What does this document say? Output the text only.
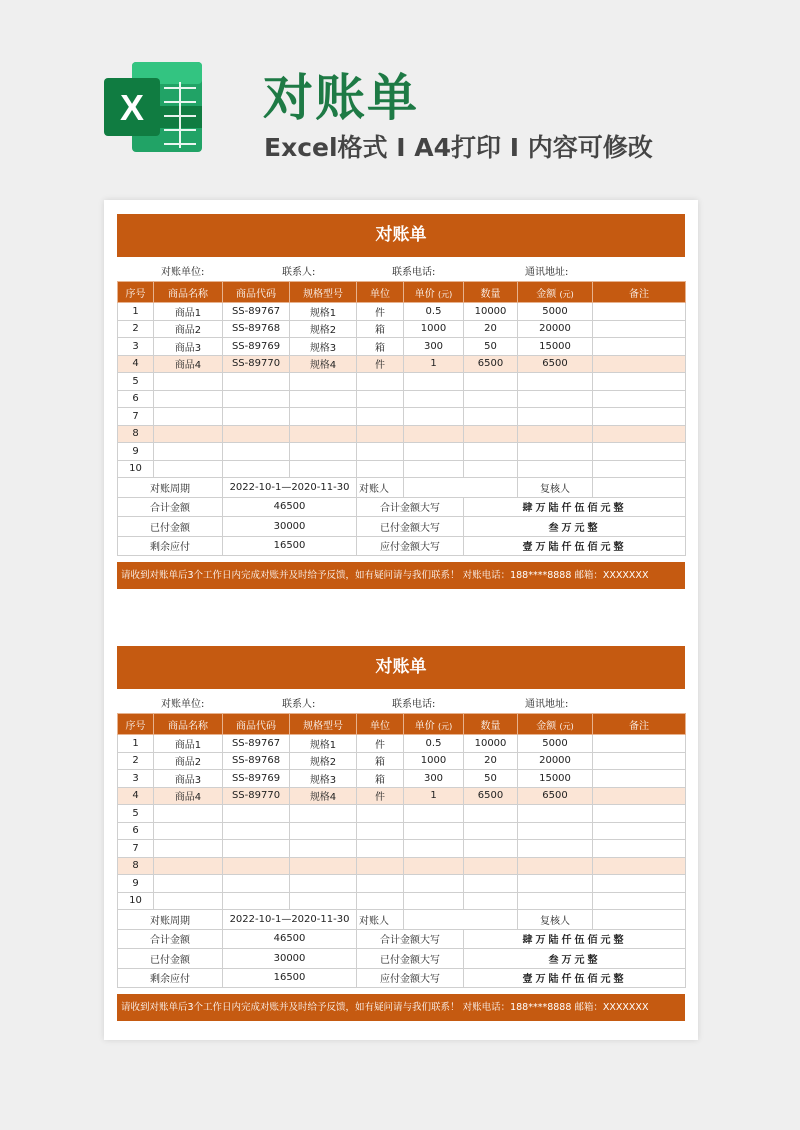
X 对账单
Excel格式 I A4打印 I 内容可修改
对账单
对账单位:	联系人:	联系电话:	通讯地址:
序号	商品名称	商品代码	规格型号	单位	单价 (元)	数量	金额 (元)	备注
1	商品1	SS-89767	规格1	件	0.5	10000	5000	
2	商品2	SS-89768	规格2	箱	1000	20	20000	
3	商品3	SS-89769	规格3	箱	300	50	15000	
4	商品4	SS-89770	规格4	件	1	6500	6500	
5								
6								
7								
8								
9								
10								
对账周期		2022-10-1—2020-11-30		对账人			复核人	
合计金额		46500		合计金额大写		肆万陆仟伍佰元整		
已付金额		30000		已付金额大写		叁万元整		
剩余应付		16500		应付金额大写		壹万陆仟伍佰元整		
请收到对账单后3个工作日内完成对账并及时给予反馈，如有疑问请与我们联系！ 对账电话：188****8888 邮箱：XXXXXXX
对账单
对账单位:	联系人:	联系电话:	通讯地址:
序号	商品名称	商品代码	规格型号	单位	单价 (元)	数量	金额 (元)	备注
1	商品1	SS-89767	规格1	件	0.5	10000	5000	
2	商品2	SS-89768	规格2	箱	1000	20	20000	
3	商品3	SS-89769	规格3	箱	300	50	15000	
4	商品4	SS-89770	规格4	件	1	6500	6500	
5								
6								
7								
8								
9								
10								
对账周期		2022-10-1—2020-11-30		对账人			复核人	
合计金额		46500		合计金额大写		肆万陆仟伍佰元整		
已付金额		30000		已付金额大写		叁万元整		
剩余应付		16500		应付金额大写		壹万陆仟伍佰元整		
请收到对账单后3个工作日内完成对账并及时给予反馈，如有疑问请与我们联系！ 对账电话：188****8888 邮箱：XXXXXXX
